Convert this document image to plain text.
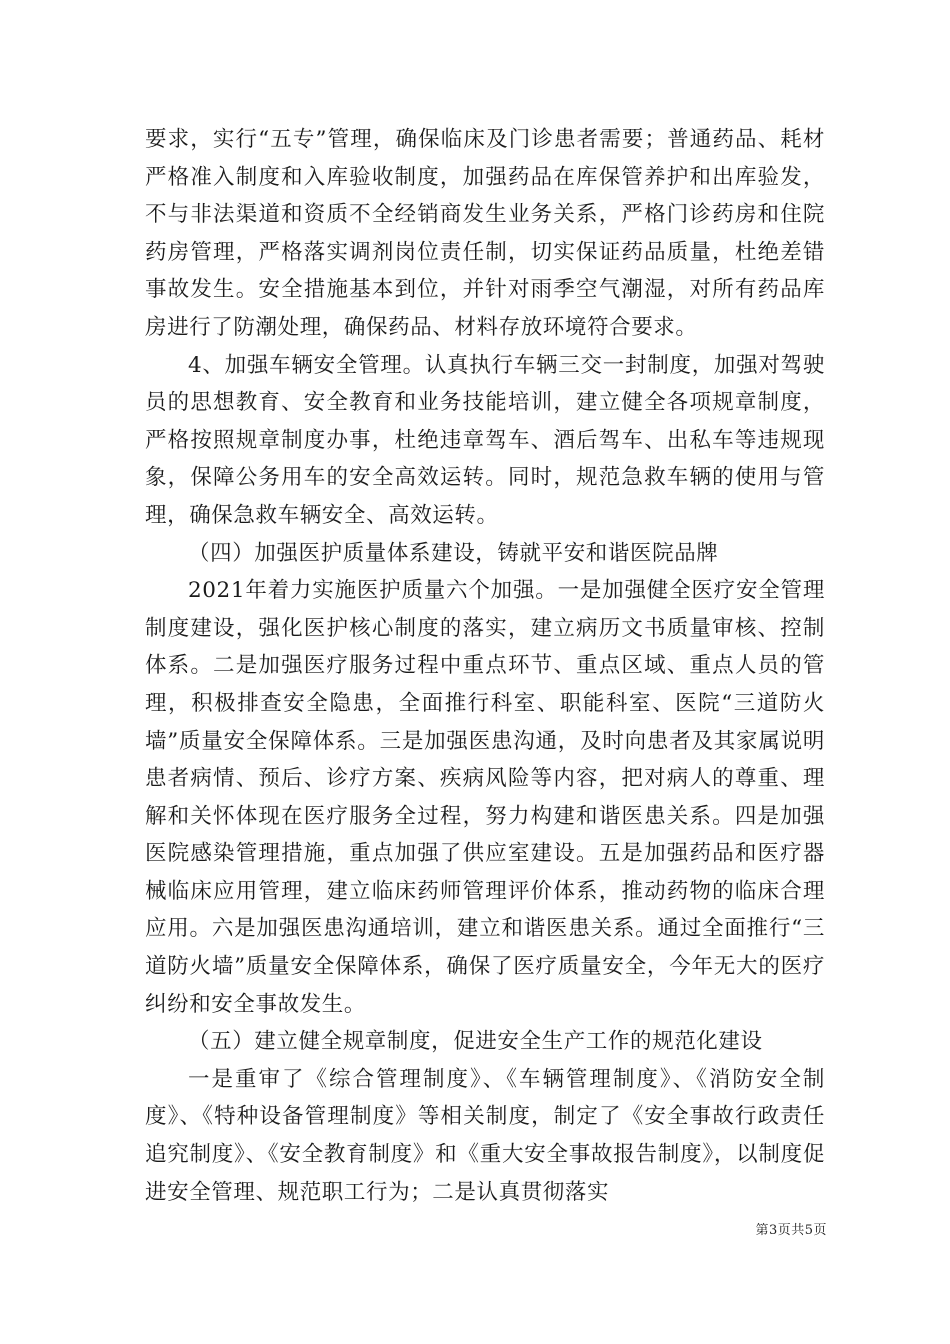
要求，实行“五专”管理，确保临床及门诊患者需要；普通药品、耗材严格准入制度和入库验收制度，加强药品在库保管养护和出库验发，不与非法渠道和资质不全经销商发生业务关系，严格门诊药房和住院药房管理，严格落实调剂岗位责任制，切实保证药品质量，杜绝差错事故发生。安全措施基本到位，并针对雨季空气潮湿，对所有药品库房进行了防潮处理，确保药品、材料存放环境符合要求。

4、加强车辆安全管理。认真执行车辆三交一封制度，加强对驾驶员的思想教育、安全教育和业务技能培训，建立健全各项规章制度，严格按照规章制度办事，杜绝违章驾车、酒后驾车、出私车等违规现象，保障公务用车的安全高效运转。同时，规范急救车辆的使用与管理，确保急救车辆安全、高效运转。

（四）加强医护质量体系建设，铸就平安和谐医院品牌

2021年着力实施医护质量六个加强。一是加强健全医疗安全管理制度建设，强化医护核心制度的落实，建立病历文书质量审核、控制体系。二是加强医疗服务过程中重点环节、重点区域、重点人员的管理，积极排查安全隐患，全面推行科室、职能科室、医院“三道防火墙”质量安全保障体系。三是加强医患沟通，及时向患者及其家属说明患者病情、预后、诊疗方案、疾病风险等内容，把对病人的尊重、理解和关怀体现在医疗服务全过程，努力构建和谐医患关系。四是加强医院感染管理措施，重点加强了供应室建设。五是加强药品和医疗器械临床应用管理，建立临床药师管理评价体系，推动药物的临床合理应用。六是加强医患沟通培训，建立和谐医患关系。通过全面推行“三道防火墙”质量安全保障体系，确保了医疗质量安全，今年无大的医疗纠纷和安全事故发生。

（五）建立健全规章制度，促进安全生产工作的规范化建设

一是重审了《综合管理制度》、《车辆管理制度》、《消防安全制度》、《特种设备管理制度》等相关制度，制定了《安全事故行政责任追究制度》、《安全教育制度》和《重大安全事故报告制度》，以制度促进安全管理、规范职工行为；二是认真贯彻落实

第3页共5页
